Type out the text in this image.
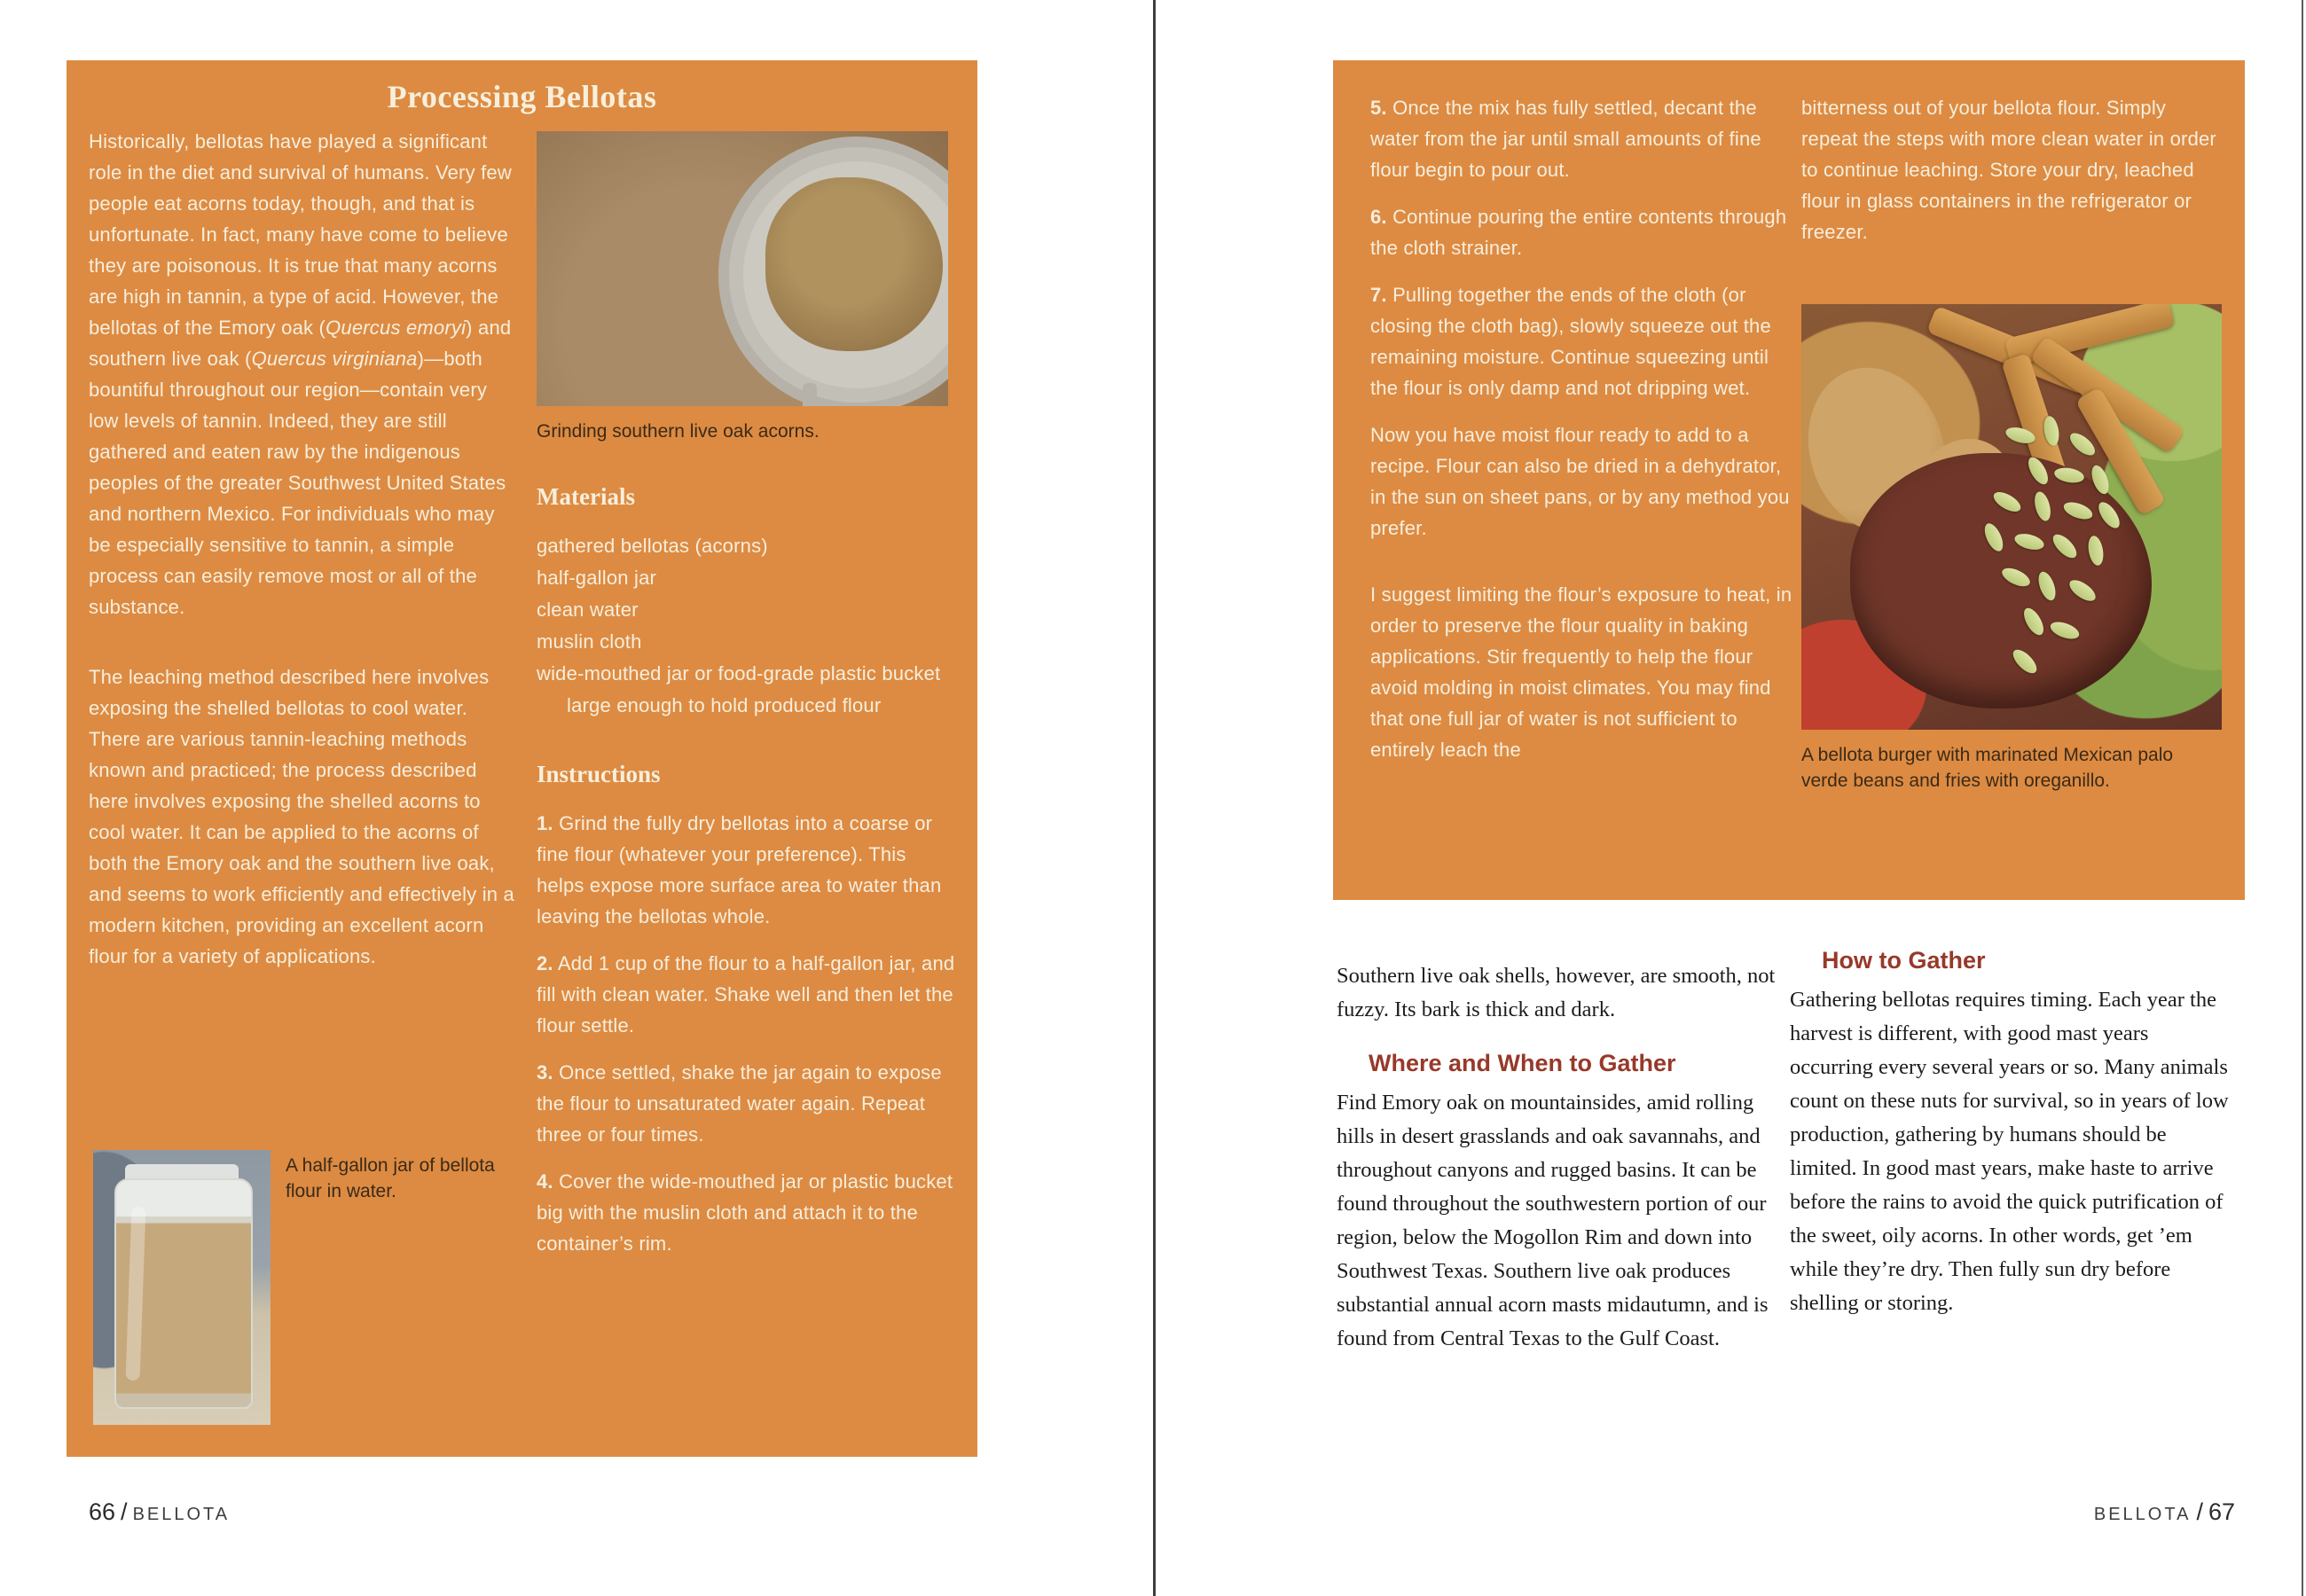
Processing Bellotas

Historically, bellotas have played a significant role in the diet and survival of humans. Very few people eat acorns today, though, and that is unfortunate. In fact, many have come to believe they are poisonous. It is true that many acorns are high in tannin, a type of acid. However, the bellotas of the Emory oak (Quercus emoryi) and southern live oak (Quercus virginiana)—both bountiful throughout our region—contain very low levels of tannin. Indeed, they are still gathered and eaten raw by the indigenous peoples of the greater Southwest United States and northern Mexico. For individuals who may be especially sensitive to tannin, a simple process can easily remove most or all of the substance.

The leaching method described here involves exposing the shelled bellotas to cool water. There are various tannin-leaching methods known and practiced; the process described here involves exposing the shelled acorns to cool water. It can be applied to the acorns of both the Emory oak and the southern live oak, and seems to work efficiently and effectively in a modern kitchen, providing an excellent acorn flour for a variety of applications.

Grinding southern live oak acorns.

Materials
gathered bellotas (acorns)
half-gallon jar
clean water
muslin cloth
wide-mouthed jar or food-grade plastic bucket large enough to hold produced flour
Instructions

1. Grind the fully dry bellotas into a coarse or fine flour (whatever your preference). This helps expose more surface area to water than leaving the bellotas whole.

2. Add 1 cup of the flour to a half-gallon jar, and fill with clean water. Shake well and then let the flour settle.

3. Once settled, shake the jar again to expose the flour to unsaturated water again. Repeat three or four times.

4. Cover the wide-mouthed jar or plastic bucket big with the muslin cloth and attach it to the container’s rim.

A half-gallon jar of bellota flour in water.

66 / BELLOTA

5. Once the mix has fully settled, decant the water from the jar until small amounts of fine flour begin to pour out.

6. Continue pouring the entire contents through the cloth strainer.

7. Pulling together the ends of the cloth (or closing the cloth bag), slowly squeeze out the remaining moisture. Continue squeezing until the flour is only damp and not dripping wet.

Now you have moist flour ready to add to a recipe. Flour can also be dried in a dehydrator, in the sun on sheet pans, or by any method you prefer.

I suggest limiting the flour’s exposure to heat, in order to preserve the flour quality in baking applications. Stir frequently to help the flour avoid molding in moist climates. You may find that one full jar of water is not sufficient to entirely leach the

bitterness out of your bellota flour. Simply repeat the steps with more clean water in order to continue leaching. Store your dry, leached flour in glass containers in the refrigerator or freezer.

A bellota burger with marinated Mexican palo verde beans and fries with oreganillo.

Southern live oak shells, however, are smooth, not fuzzy. Its bark is thick and dark.

Where and When to Gather

Find Emory oak on mountainsides, amid rolling hills in desert grasslands and oak savannahs, and throughout canyons and rugged basins. It can be found throughout the southwestern portion of our region, below the Mogollon Rim and down into Southwest Texas. Southern live oak produces substantial annual acorn masts midautumn, and is found from Central Texas to the Gulf Coast.

How to Gather

Gathering bellotas requires timing. Each year the harvest is different, with good mast years occurring every several years or so. Many animals count on these nuts for survival, so in years of low production, gathering by humans should be limited. In good mast years, make haste to arrive before the rains to avoid the quick putrification of the sweet, oily acorns. In other words, get ’em while they’re dry. Then fully sun dry before shelling or storing.

BELLOTA / 67
